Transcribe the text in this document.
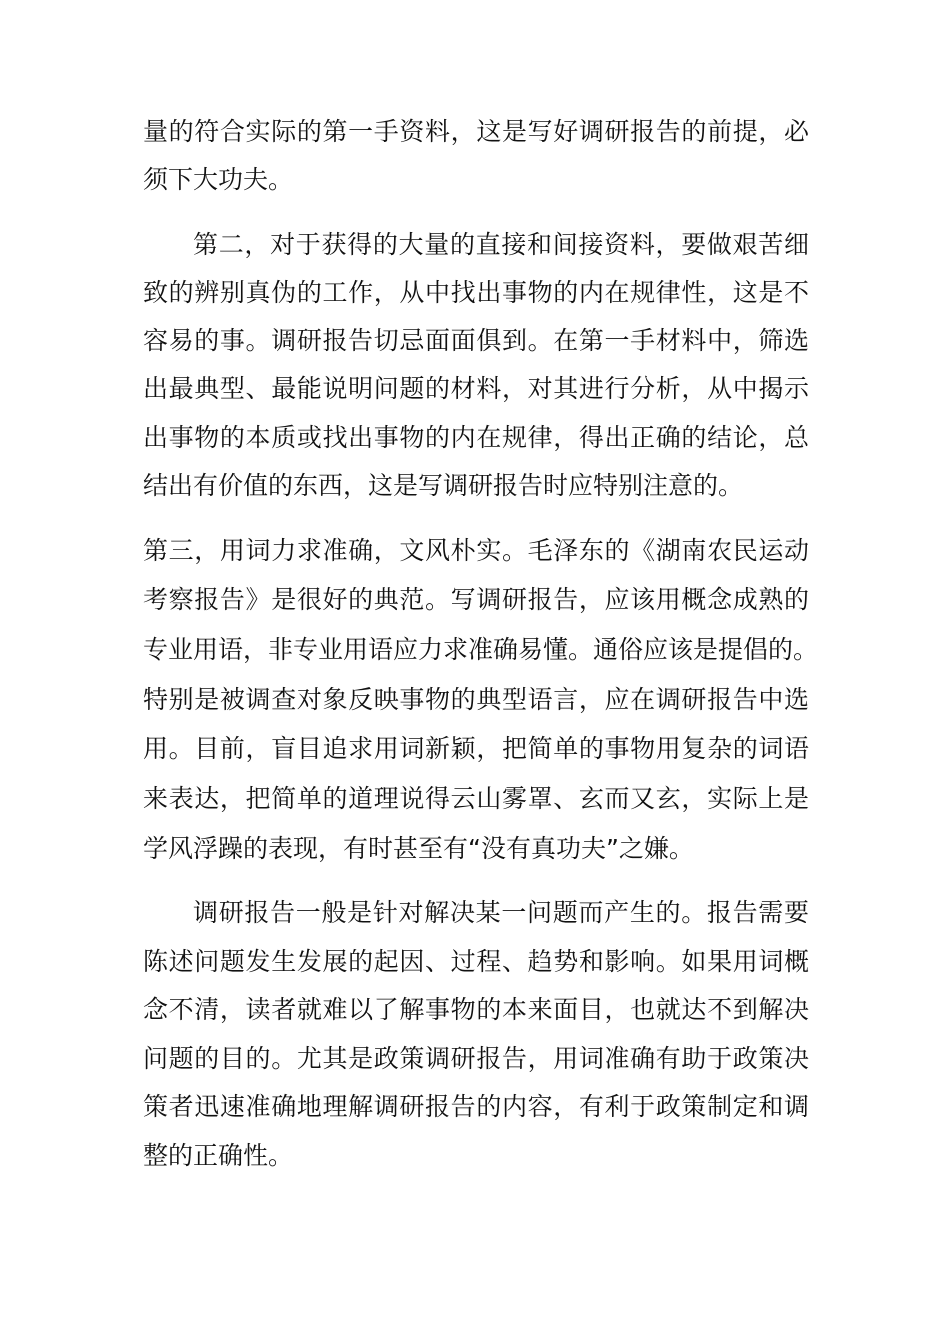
量的符合实际的第一手资料，这是写好调研报告的前提，必
须下大功夫。
第二，对于获得的大量的直接和间接资料，要做艰苦细
致的辨别真伪的工作，从中找出事物的内在规律性，这是不
容易的事。调研报告切忌面面俱到。在第一手材料中，筛选
出最典型、最能说明问题的材料，对其进行分析，从中揭示
出事物的本质或找出事物的内在规律，得出正确的结论，总
结出有价值的东西，这是写调研报告时应特别注意的。
第三，用词力求准确，文风朴实。毛泽东的《湖南农民运动
考察报告》是很好的典范。写调研报告，应该用概念成熟的
专业用语，非专业用语应力求准确易懂。通俗应该是提倡的。
特别是被调查对象反映事物的典型语言，应在调研报告中选
用。目前，盲目追求用词新颖，把简单的事物用复杂的词语
来表达，把简单的道理说得云山雾罩、玄而又玄，实际上是
学风浮躁的表现，有时甚至有“没有真功夫”之嫌。
调研报告一般是针对解决某一问题而产生的。报告需要
陈述问题发生发展的起因、过程、趋势和影响。如果用词概
念不清，读者就难以了解事物的本来面目，也就达不到解决
问题的目的。尤其是政策调研报告，用词准确有助于政策决
策者迅速准确地理解调研报告的内容，有利于政策制定和调
整的正确性。
